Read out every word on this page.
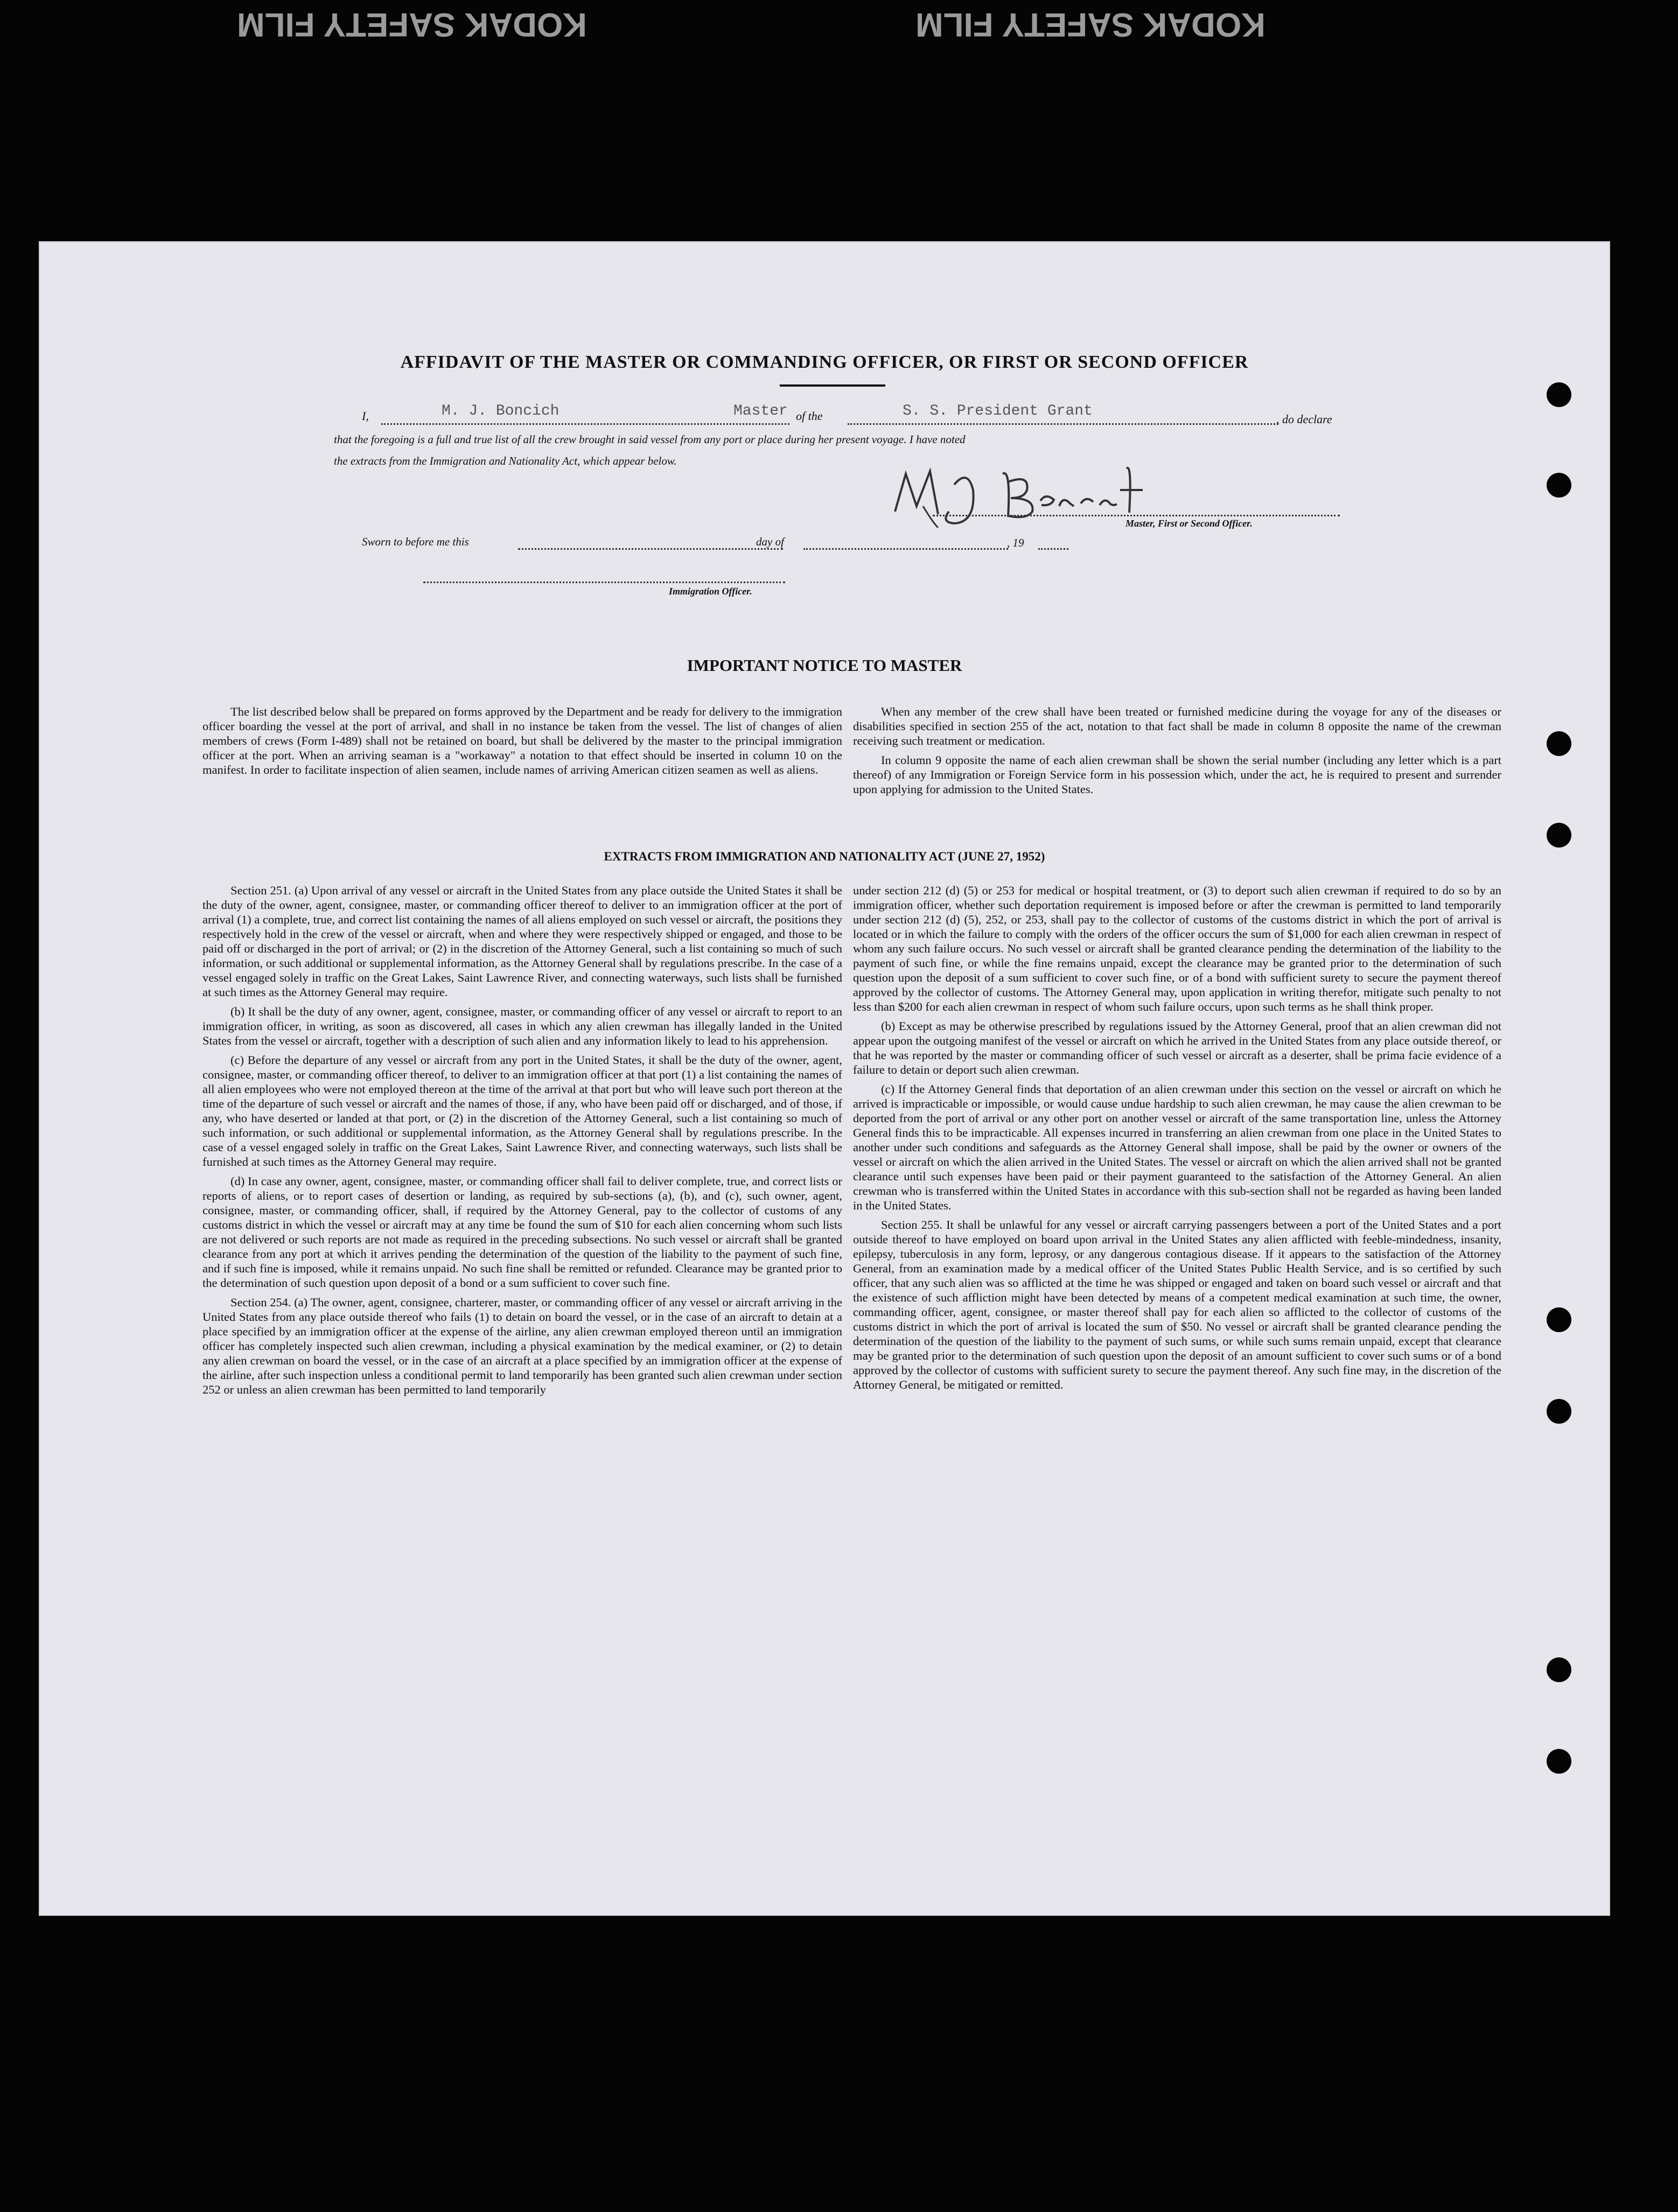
KODAK SAFETY FILM	KODAK SAFETY FILM
AFFIDAVIT OF THE MASTER OR COMMANDING OFFICER, OR FIRST OR SECOND OFFICER
I,	M. J. Boncich	Master of the	S. S. President Grant	, do declare
that the foregoing is a full and true list of all the crew brought in said vessel from any port or place during her present voyage. I have noted
the extracts from the Immigration and Nationality Act, which appear below.
Master, First or Second Officer.
Sworn to before me this	day of	, 19
Immigration Officer.
IMPORTANT NOTICE TO MASTER

The list described below shall be prepared on forms approved by the Department and be ready for delivery to the immigration officer boarding the vessel at the port of arrival, and shall in no instance be taken from the vessel. The list of changes of alien members of crews (Form I-489) shall not be retained on board, but shall be delivered by the master to the principal immigration officer at the port. When an arriving seaman is a "workaway" a notation to that effect should be inserted in column 10 on the manifest. In order to facilitate inspection of alien seamen, include names of arriving American citizen seamen as well as aliens.

When any member of the crew shall have been treated or furnished medicine during the voyage for any of the diseases or disabilities specified in section 255 of the act, notation to that fact shall be made in column 8 opposite the name of the crewman receiving such treatment or medication.

In column 9 opposite the name of each alien crewman shall be shown the serial number (including any letter which is a part thereof) of any Immigration or Foreign Service form in his possession which, under the act, he is required to present and surrender upon applying for admission to the United States.

EXTRACTS FROM IMMIGRATION AND NATIONALITY ACT (JUNE 27, 1952)

Section 251. (a) Upon arrival of any vessel or aircraft in the United States from any place outside the United States it shall be the duty of the owner, agent, consignee, master, or commanding officer thereof to deliver to an immigration officer at the port of arrival (1) a complete, true, and correct list containing the names of all aliens employed on such vessel or aircraft, the positions they respectively hold in the crew of the vessel or aircraft, when and where they were respectively shipped or engaged, and those to be paid off or discharged in the port of arrival; or (2) in the discretion of the Attorney General, such a list containing so much of such information, or such additional or supplemental information, as the Attorney General shall by regulations prescribe. In the case of a vessel engaged solely in traffic on the Great Lakes, Saint Lawrence River, and connecting waterways, such lists shall be furnished at such times as the Attorney General may require.

(b) It shall be the duty of any owner, agent, consignee, master, or commanding officer of any vessel or aircraft to report to an immigration officer, in writing, as soon as discovered, all cases in which any alien crewman has illegally landed in the United States from the vessel or aircraft, together with a description of such alien and any information likely to lead to his apprehension.

(c) Before the departure of any vessel or aircraft from any port in the United States, it shall be the duty of the owner, agent, consignee, master, or commanding officer thereof, to deliver to an immigration officer at that port (1) a list containing the names of all alien employees who were not employed thereon at the time of the arrival at that port but who will leave such port thereon at the time of the departure of such vessel or aircraft and the names of those, if any, who have been paid off or discharged, and of those, if any, who have deserted or landed at that port, or (2) in the discretion of the Attorney General, such a list containing so much of such information, or such additional or supplemental information, as the Attorney General shall by regulations prescribe. In the case of a vessel engaged solely in traffic on the Great Lakes, Saint Lawrence River, and connecting waterways, such lists shall be furnished at such times as the Attorney General may require.

(d) In case any owner, agent, consignee, master, or commanding officer shall fail to deliver complete, true, and correct lists or reports of aliens, or to report cases of desertion or landing, as required by sub-sections (a), (b), and (c), such owner, agent, consignee, master, or commanding officer, shall, if required by the Attorney General, pay to the collector of customs of any customs district in which the vessel or aircraft may at any time be found the sum of $10 for each alien concerning whom such lists are not delivered or such reports are not made as required in the preceding subsections. No such vessel or aircraft shall be granted clearance from any port at which it arrives pending the determination of the question of the liability to the payment of such fine, and if such fine is imposed, while it remains unpaid. No such fine shall be remitted or refunded. Clearance may be granted prior to the determination of such question upon deposit of a bond or a sum sufficient to cover such fine.

Section 254. (a) The owner, agent, consignee, charterer, master, or commanding officer of any vessel or aircraft arriving in the United States from any place outside thereof who fails (1) to detain on board the vessel, or in the case of an aircraft to detain at a place specified by an immigration officer at the expense of the airline, any alien crewman employed thereon until an immigration officer has completely inspected such alien crewman, including a physical examination by the medical examiner, or (2) to detain any alien crewman on board the vessel, or in the case of an aircraft at a place specified by an immigration officer at the expense of the airline, after such inspection unless a conditional permit to land temporarily has been granted such alien crewman under section 252 or unless an alien crewman has been permitted to land temporarily

under section 212 (d) (5) or 253 for medical or hospital treatment, or (3) to deport such alien crewman if required to do so by an immigration officer, whether such deportation requirement is imposed before or after the crewman is permitted to land temporarily under section 212 (d) (5), 252, or 253, shall pay to the collector of customs of the customs district in which the port of arrival is located or in which the failure to comply with the orders of the officer occurs the sum of $1,000 for each alien crewman in respect of whom any such failure occurs. No such vessel or aircraft shall be granted clearance pending the determination of the liability to the payment of such fine, or while the fine remains unpaid, except the clearance may be granted prior to the determination of such question upon the deposit of a sum sufficient to cover such fine, or of a bond with sufficient surety to secure the payment thereof approved by the collector of customs. The Attorney General may, upon application in writing therefor, mitigate such penalty to not less than $200 for each alien crewman in respect of whom such failure occurs, upon such terms as he shall think proper.

(b) Except as may be otherwise prescribed by regulations issued by the Attorney General, proof that an alien crewman did not appear upon the outgoing manifest of the vessel or aircraft on which he arrived in the United States from any place outside thereof, or that he was reported by the master or commanding officer of such vessel or aircraft as a deserter, shall be prima facie evidence of a failure to detain or deport such alien crewman.

(c) If the Attorney General finds that deportation of an alien crewman under this section on the vessel or aircraft on which he arrived is impracticable or impossible, or would cause undue hardship to such alien crewman, he may cause the alien crewman to be deported from the port of arrival or any other port on another vessel or aircraft of the same transportation line, unless the Attorney General finds this to be impracticable. All expenses incurred in transferring an alien crewman from one place in the United States to another under such conditions and safeguards as the Attorney General shall impose, shall be paid by the owner or owners of the vessel or aircraft on which the alien arrived in the United States. The vessel or aircraft on which the alien arrived shall not be granted clearance until such expenses have been paid or their payment guaranteed to the satisfaction of the Attorney General. An alien crewman who is transferred within the United States in accordance with this sub-section shall not be regarded as having been landed in the United States.

Section 255. It shall be unlawful for any vessel or aircraft carrying passengers between a port of the United States and a port outside thereof to have employed on board upon arrival in the United States any alien afflicted with feeble-mindedness, insanity, epilepsy, tuberculosis in any form, leprosy, or any dangerous contagious disease. If it appears to the satisfaction of the Attorney General, from an examination made by a medical officer of the United States Public Health Service, and is so certified by such officer, that any such alien was so afflicted at the time he was shipped or engaged and taken on board such vessel or aircraft and that the existence of such affliction might have been detected by means of a competent medical examination at such time, the owner, commanding officer, agent, consignee, or master thereof shall pay for each alien so afflicted to the collector of customs of the customs district in which the port of arrival is located the sum of $50. No vessel or aircraft shall be granted clearance pending the determination of the question of the liability to the payment of such sums, or while such sums remain unpaid, except that clearance may be granted prior to the determination of such question upon the deposit of an amount sufficient to cover such sums or of a bond approved by the collector of customs with sufficient surety to secure the payment thereof. Any such fine may, in the discretion of the Attorney General, be mitigated or remitted.
